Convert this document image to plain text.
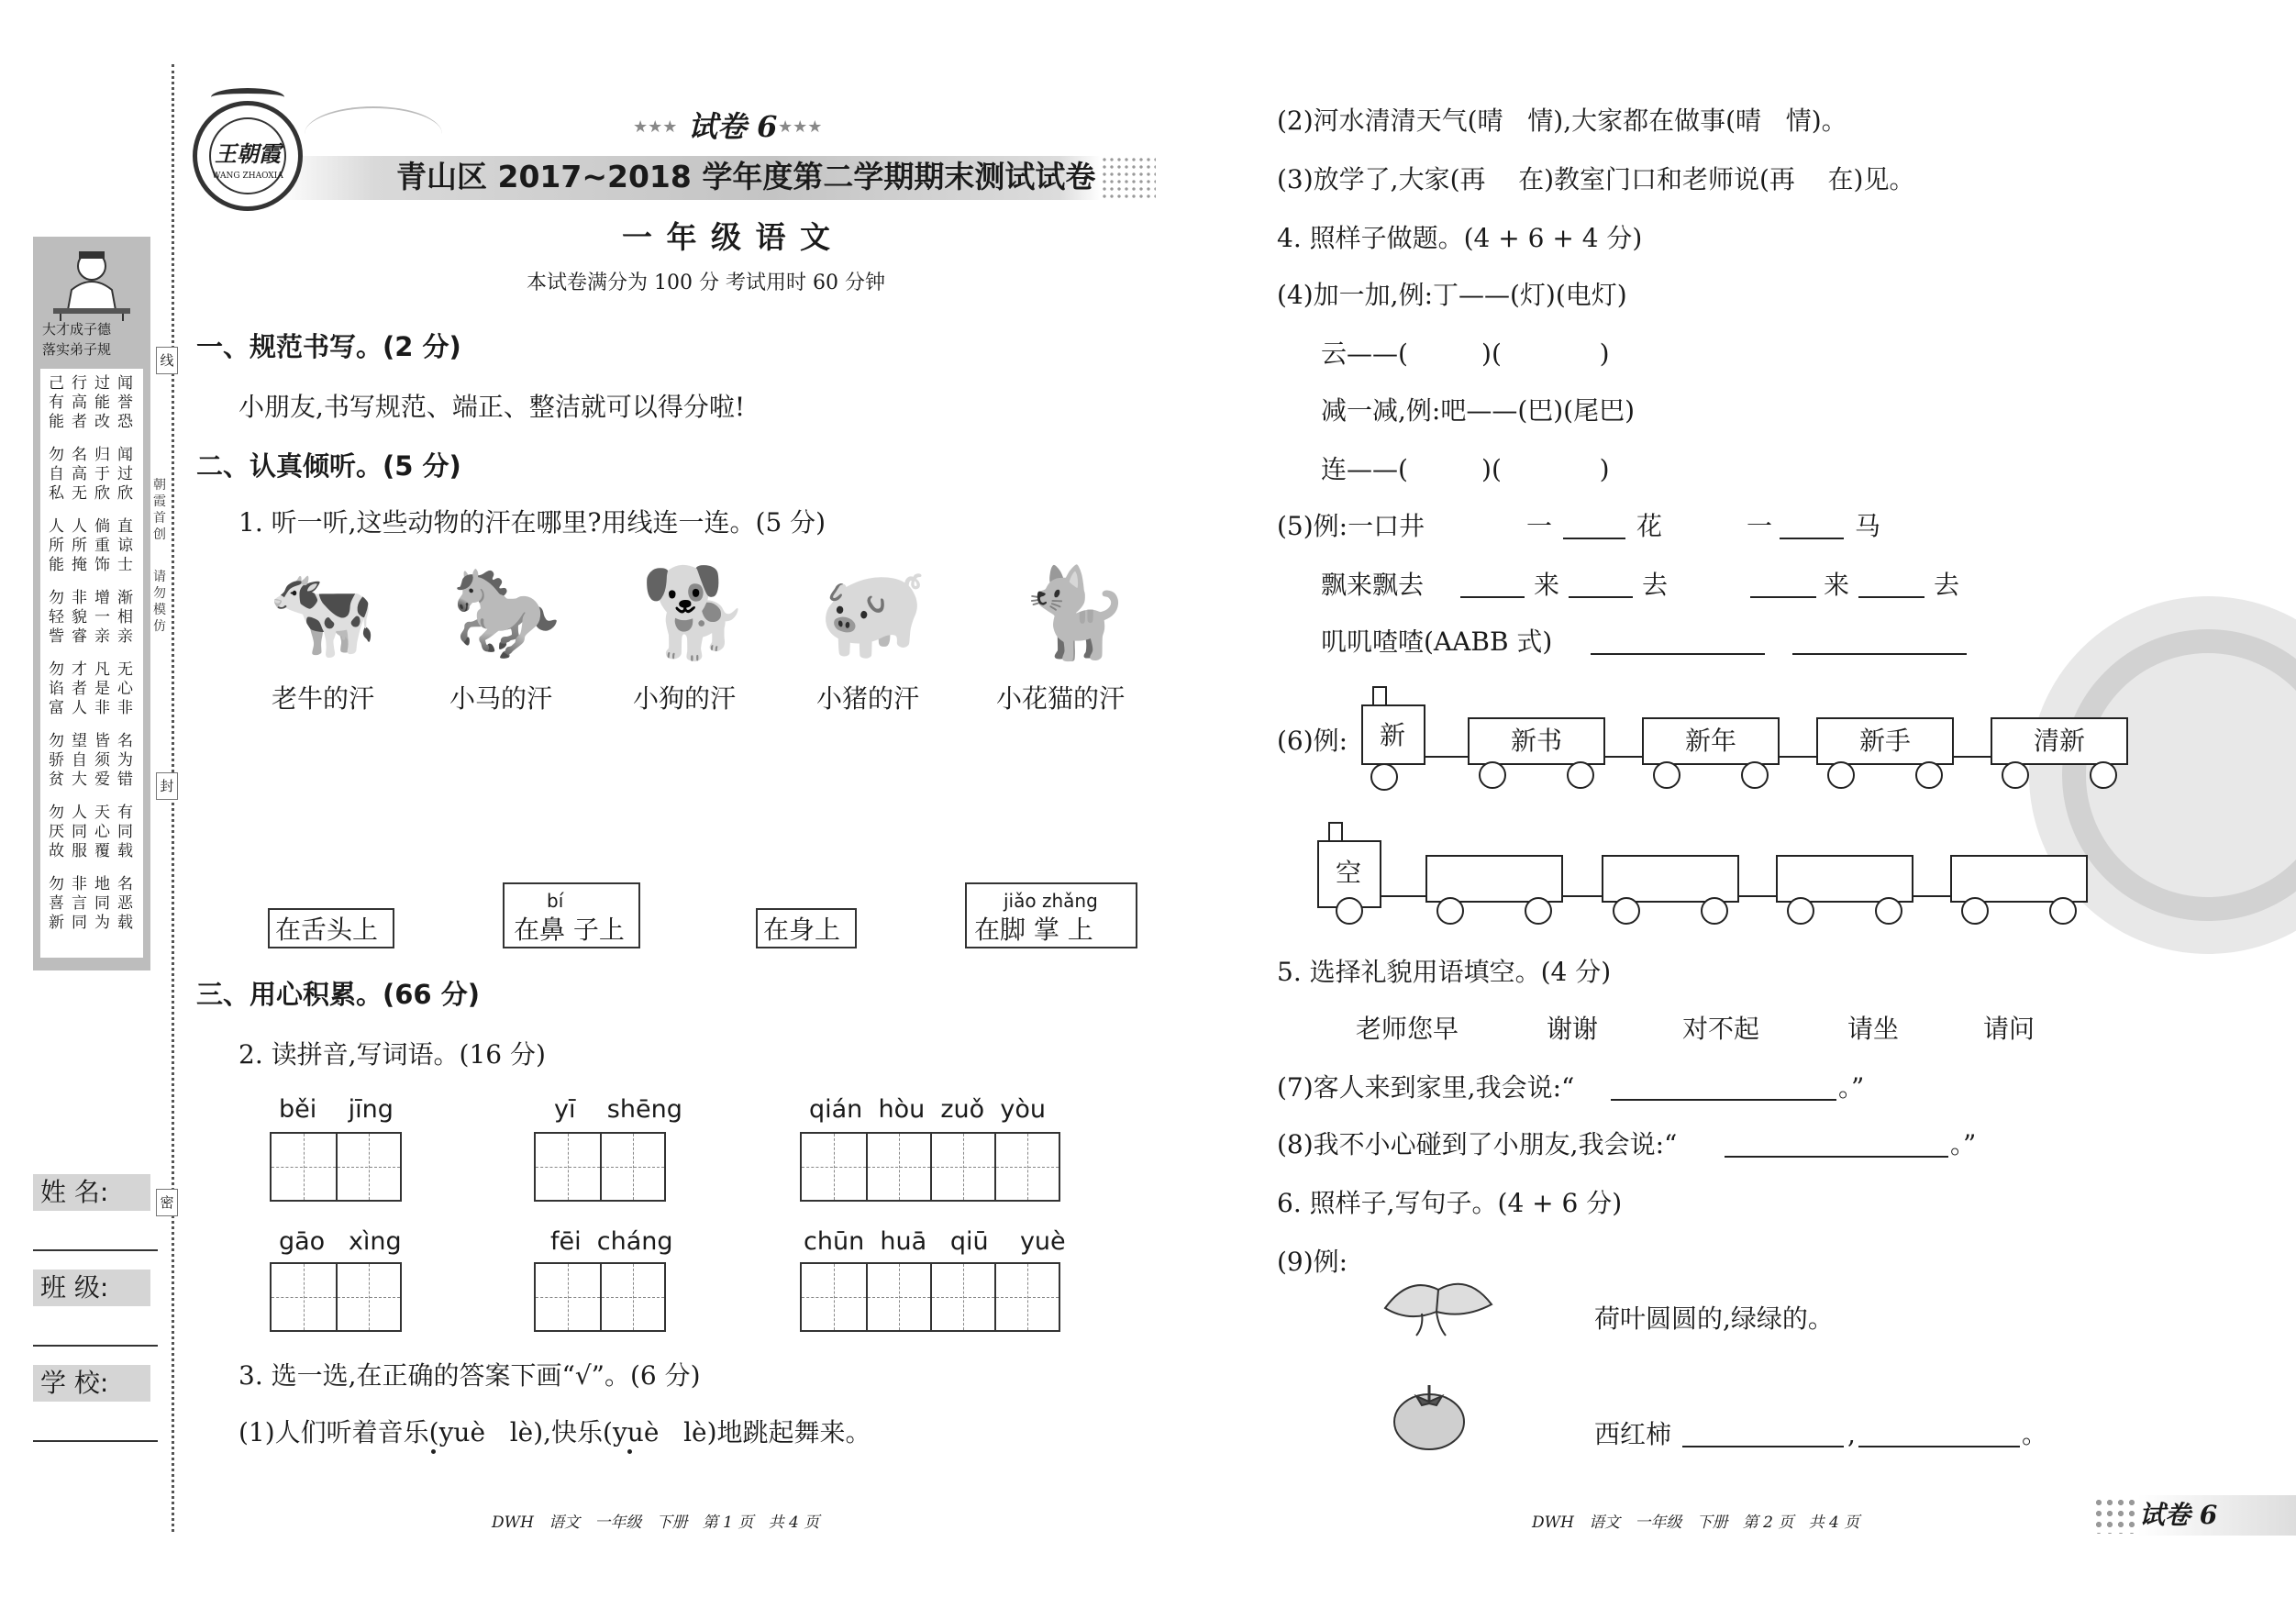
大才成子德
落实弟子规
己有能
行高者
过能改
闻誉恐
勿自私
名高无
归于欣
闻过欣
人所能
人所掩
倘重饰
直谅士
勿轻訾
非貌睿
增一亲
渐相亲
勿谄富
才者人
凡是非
无心非
勿骄贫
望自大
皆须爱
名为错
勿厌故
人同服
天心覆
有同载
勿喜新
非言同
地同为
名恶载
线
封
密
朝霞首创
请勿模仿
姓 名:
班 级:
学 校:
王朝霞
WANG ZHAOXIA
★★★ 试卷 6 ★★★
青山区 2017~2018 学年度第二学期期末测试试卷
一 年 级 语 文
本试卷满分为 100 分 考试用时 60 分钟
一、规范书写。(2 分)
小朋友,书写规范、端正、整洁就可以得分啦!
二、认真倾听。(5 分)
1. 听一听,这些动物的汗在哪里?用线连一连。(5 分)
🐄 🐎 🐕 🐖 🐈
老牛的汗	小马的汗	小狗的汗	小猪的汗	小花猫的汗
在舌头上
bí
在鼻 子上	在身上
jiǎo zhǎng
在脚 掌 上
三、用心积累。(66 分)
2. 读拼音,写词语。(16 分)
běi    jīng	yī    shēng	qián  hòu  zuǒ  yòu
gāo   xìng	fēi  cháng	chūn  huā   qiū    yuè
3. 选一选,在正确的答案下画“√”。(6 分)
(1)人们听着音乐(yuè   lè),快乐(yuè   lè)地跳起舞来。
DWH   语文   一年级   下册   第 1 页   共 4 页
(2)河水清清天气(晴   情),大家都在做事(晴   情)。
(3)放学了,大家(再    在)教室门口和老师说(再    在)见。
4. 照样子做题。(4 + 6 + 4 分)
(4)加一加,例:丁——(灯)(电灯)
云——(         )(            )
减一减,例:吧——(巴)(尾巴)
连——(         )(            )
(5)例:一口井	一	花	一	马
飘来飘去	来	去	来	去
叽叽喳喳(AABB 式)
(6)例: 新	新书	新年	新手	清新
空
5. 选择礼貌用语填空。(4 分)
老师您早	谢谢	对不起	请坐	请问
(7)客人来到家里,我会说:“	。”
(8)我不小心碰到了小朋友,我会说:“	。”
6. 照样子,写句子。(4 + 6 分)
(9)例:
荷叶圆圆的,绿绿的。
西红柿	,	。
DWH   语文   一年级   下册   第 2 页   共 4 页	试卷 6
